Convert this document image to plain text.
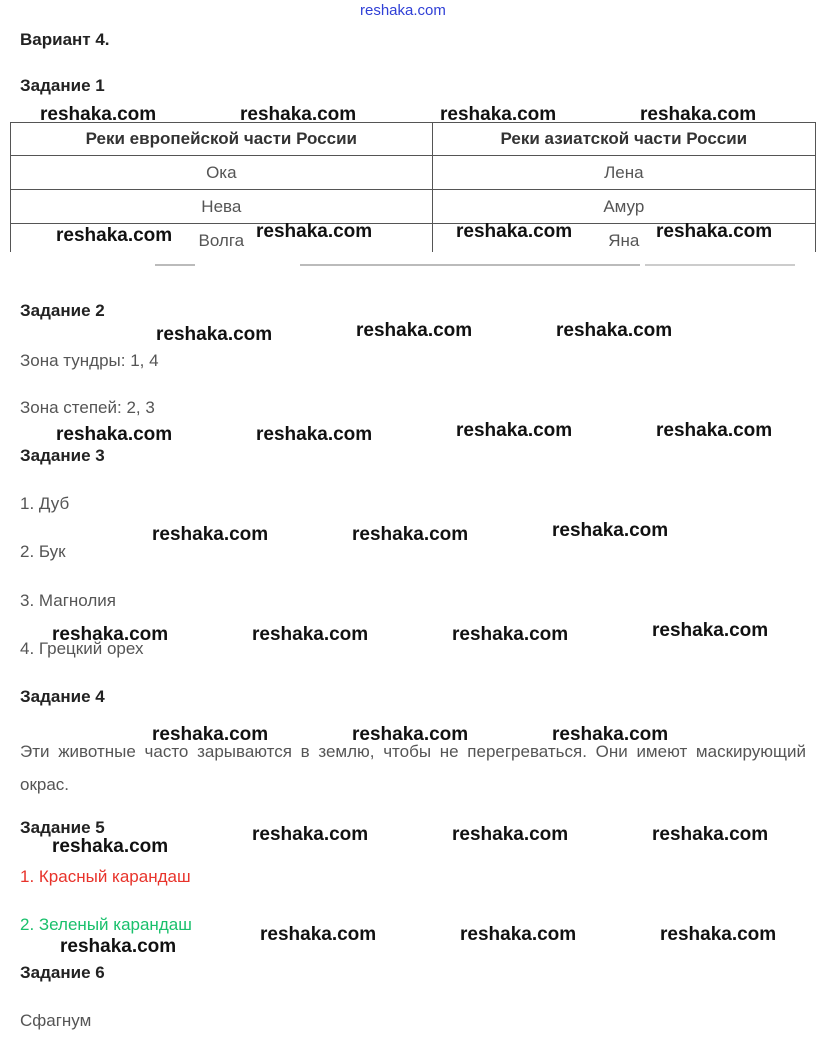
reshaka.com
Вариант 4.
Задание 1
Реки европейской части России	Реки азиатской части России
Ока	Лена
Нева	Амур
Волга	Яна
Задание 2
Зона тундры: 1, 4
Зона степей: 2, 3
Задание 3
1. Дуб
2. Бук
3. Магнолия
4. Грецкий орех
Задание 4
Эти животные часто зарываются в землю, чтобы не перегреваться. Они имеют маскирующий окрас.
Задание 5
1. Красный карандаш
2. Зеленый карандаш
Задание 6
Сфагнум
reshaka.com	reshaka.com	reshaka.com	reshaka.com
reshaka.com	reshaka.com	reshaka.com	reshaka.com
reshaka.com	reshaka.com	reshaka.com
reshaka.com	reshaka.com	reshaka.com	reshaka.com
reshaka.com	reshaka.com	reshaka.com
reshaka.com	reshaka.com	reshaka.com	reshaka.com
reshaka.com	reshaka.com	reshaka.com
reshaka.com	reshaka.com	reshaka.com
reshaka.com
reshaka.com	reshaka.com	reshaka.com
reshaka.com
